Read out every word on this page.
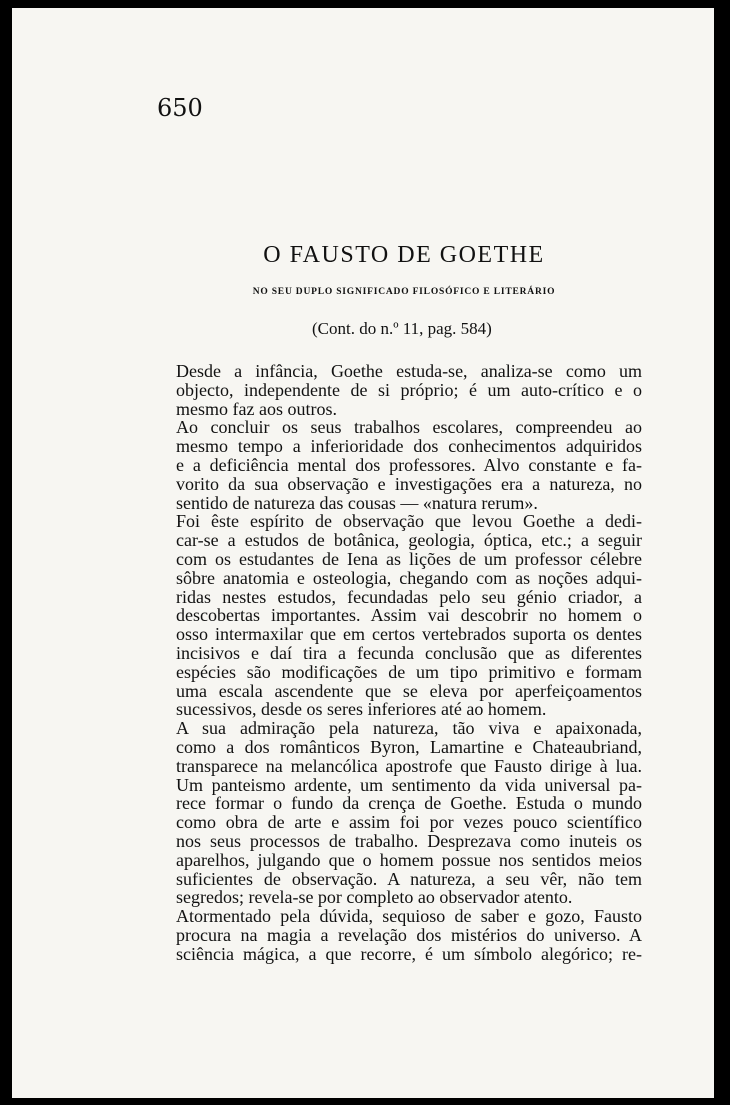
650
O FAUSTO DE GOETHE
NO SEU DUPLO SIGNIFICADO FILOSÓFICO E LITERÁRIO
(Cont. do n.º 11, pag. 584)

Desde a infância, Goethe estuda-se, analiza-se como um
objecto, independente de si próprio; é um auto-crítico e o
mesmo faz aos outros.

Ao concluir os seus trabalhos escolares, compreendeu ao
mesmo tempo a inferioridade dos conhecimentos adquiridos
e a deficiência mental dos professores. Alvo constante e fa-
vorito da sua observação e investigações era a natureza, no
sentido de natureza das cousas — «natura rerum».

Foi êste espírito de observação que levou Goethe a dedi-
car-se a estudos de botânica, geologia, óptica, etc.; a seguir
com os estudantes de Iena as lições de um professor célebre
sôbre anatomia e osteologia, chegando com as noções adqui-
ridas nestes estudos, fecundadas pelo seu génio criador, a
descobertas importantes. Assim vai descobrir no homem o
osso intermaxilar que em certos vertebrados suporta os dentes
incisivos e daí tira a fecunda conclusão que as diferentes
espécies são modificações de um tipo primitivo e formam
uma escala ascendente que se eleva por aperfeiçoamentos
sucessivos, desde os seres inferiores até ao homem.

A sua admiração pela natureza, tão viva e apaixonada,
como a dos românticos Byron, Lamartine e Chateaubriand,
transparece na melancólica apostrofe que Fausto dirige à lua.
Um panteismo ardente, um sentimento da vida universal pa-
rece formar o fundo da crença de Goethe. Estuda o mundo
como obra de arte e assim foi por vezes pouco scientífico
nos seus processos de trabalho. Desprezava como inuteis os
aparelhos, julgando que o homem possue nos sentidos meios
suficientes de observação. A natureza, a seu vêr, não tem
segredos; revela-se por completo ao observador atento.

Atormentado pela dúvida, sequioso de saber e gozo, Fausto
procura na magia a revelação dos mistérios do universo. A
sciência mágica, a que recorre, é um símbolo alegórico; re-
